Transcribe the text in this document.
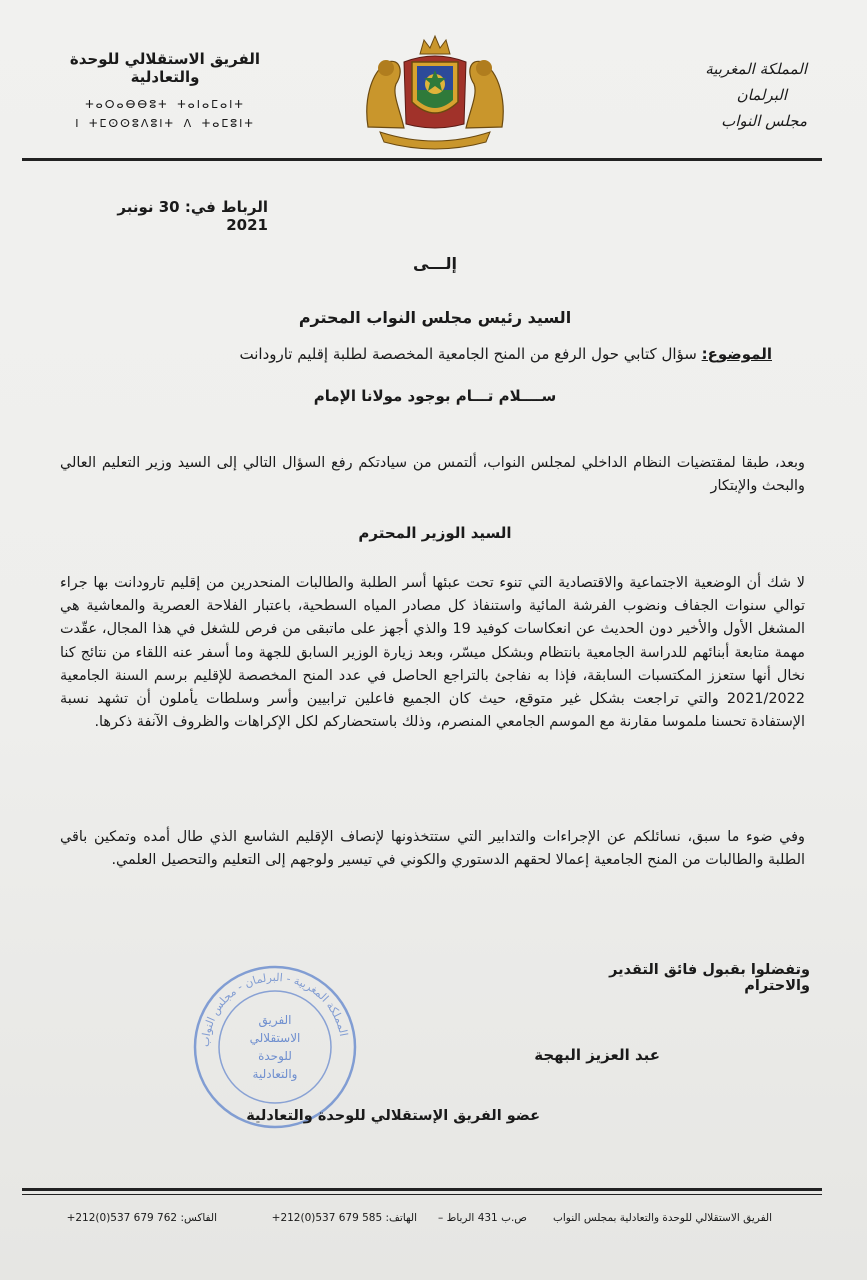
المملكة المغربية
البرلمان
مجلس النواب
الفريق الاستقلالي للوحدة والتعادلية
ⵜⴰⵔⴰⴱⴱⵓⵜ ⵜⴰⵏⴰⵎⴰⵏⵜ
ⵏ ⵜⵎⵙⵙⵓⴷⵓⵏⵜ ⴷ ⵜⴰⵎⵓⵏⵜ
الرباط في: 30 نونبر 2021
إلـــى
السيد رئيس مجلس النواب المحترم
الموضوع: سؤال كتابي حول الرفع من المنح الجامعية المخصصة لطلبة إقليم تارودانت
ســــلام تـــام بوجود مولانا الإمام
وبعد، طبقا لمقتضيات النظام الداخلي لمجلس النواب، ألتمس من سيادتكم رفع السؤال التالي إلى السيد وزير التعليم العالي والبحث والإبتكار
السيد الوزير المحترم
لا شك أن الوضعية الاجتماعية والاقتصادية التي تنوء تحت عبئها أسر الطلبة والطالبات المنحدرين من إقليم تارودانت بها جراء توالي سنوات الجفاف ونضوب الفرشة المائية واستنفاذ كل مصادر المياه السطحية، باعتبار الفلاحة العصرية والمعاشية هي المشغل الأول والأخير دون الحديث عن انعكاسات كوفيد 19 والذي أجهز على ماتبقى من فرص للشغل في هذا المجال، عقّدت مهمة متابعة أبنائهم للدراسة الجامعية بانتظام وبشكل ميسّر، وبعد زيارة الوزير السابق للجهة وما أسفر عنه اللقاء من نتائج كنا نخال أنها ستعزز المكتسبات السابقة، فإذا به نفاجئ بالتراجع الحاصل في عدد المنح المخصصة للإقليم برسم السنة الجامعية 2021/2022 والتي تراجعت بشكل غير متوقع، حيث كان الجميع فاعلين ترابيين وأسر وسلطات يأملون أن تشهد نسبة الإستفادة تحسنا ملموسا مقارنة مع الموسم الجامعي المنصرم، وذلك باستحضاركم لكل الإكراهات والظروف الآنفة ذكرها.
وفي ضوء ما سبق، نسائلكم عن الإجراءات والتدابير التي ستتخذونها لإنصاف الإقليم الشاسع الذي طال أمده وتمكين باقي الطلبة والطالبات من المنح الجامعية إعمالا لحقهم الدستوري والكوني في تيسير ولوجهم إلى التعليم والتحصيل العلمي.
المملكة المغربية - البرلمان - مجلس النواب
الفريق
الاستقلالي
للوحدة
والتعادلية
وتفضلوا بقبول فائق التقدير والاحترام
عبد العزيز البهجة
عضو الفريق الإستقلالي للوحدة والتعادلية
الفريق الاستقلالي للوحدة والتعادلية بمجلس النواب
ص.ب 431 الرباط –
الهاتف: +212(0)537 679 585
الفاكس: +212(0)537 679 762
